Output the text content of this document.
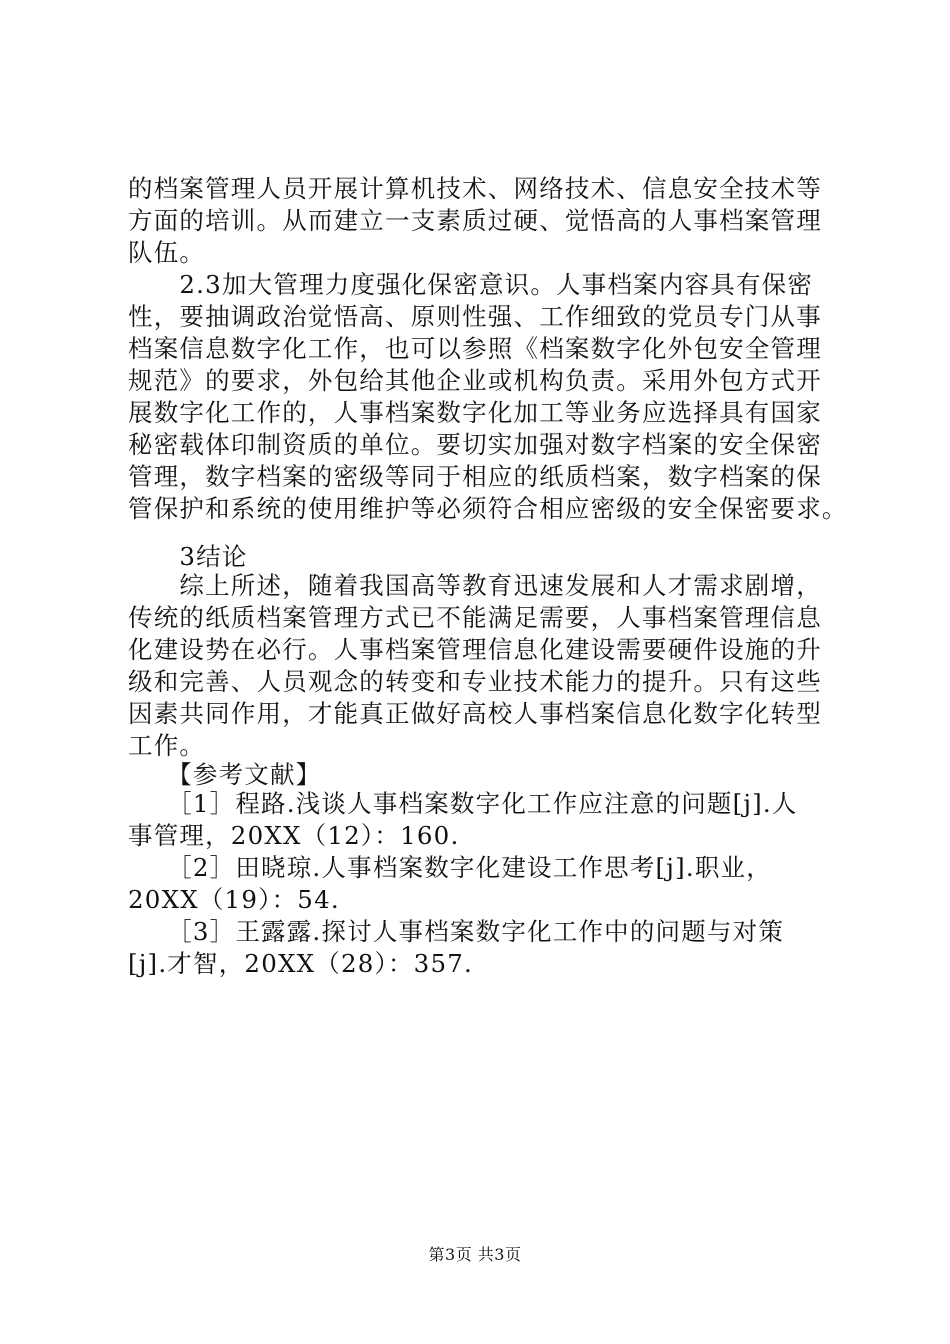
的档案管理人员开展计算机技术、网络技术、信息安全技术等
方面的培训。从而建立一支素质过硬、觉悟高的人事档案管理
队伍。
　　2.3加大管理力度强化保密意识。人事档案内容具有保密
性，要抽调政治觉悟高、原则性强、工作细致的党员专门从事
档案信息数字化工作，也可以参照《档案数字化外包安全管理
规范》的要求，外包给其他企业或机构负责。采用外包方式开
展数字化工作的，人事档案数字化加工等业务应选择具有国家
秘密载体印制资质的单位。要切实加强对数字档案的安全保密
管理，数字档案的密级等同于相应的纸质档案，数字档案的保
管保护和系统的使用维护等必须符合相应密级的安全保密要求。
　　3结论
　　综上所述，随着我国高等教育迅速发展和人才需求剧增，
传统的纸质档案管理方式已不能满足需要，人事档案管理信息
化建设势在必行。人事档案管理信息化建设需要硬件设施的升
级和完善、人员观念的转变和专业技术能力的提升。只有这些
因素共同作用，才能真正做好高校人事档案信息化数字化转型
工作。
　　【参考文献】
　　［1］程路.浅谈人事档案数字化工作应注意的问题[j].人
事管理，20XX（12）：160.
　　［2］田晓琼.人事档案数字化建设工作思考[j].职业，
20XX（19）：54.
　　［3］王露露.探讨人事档案数字化工作中的问题与对策
[j].才智，20XX（28）：357.
第3页 共3页
